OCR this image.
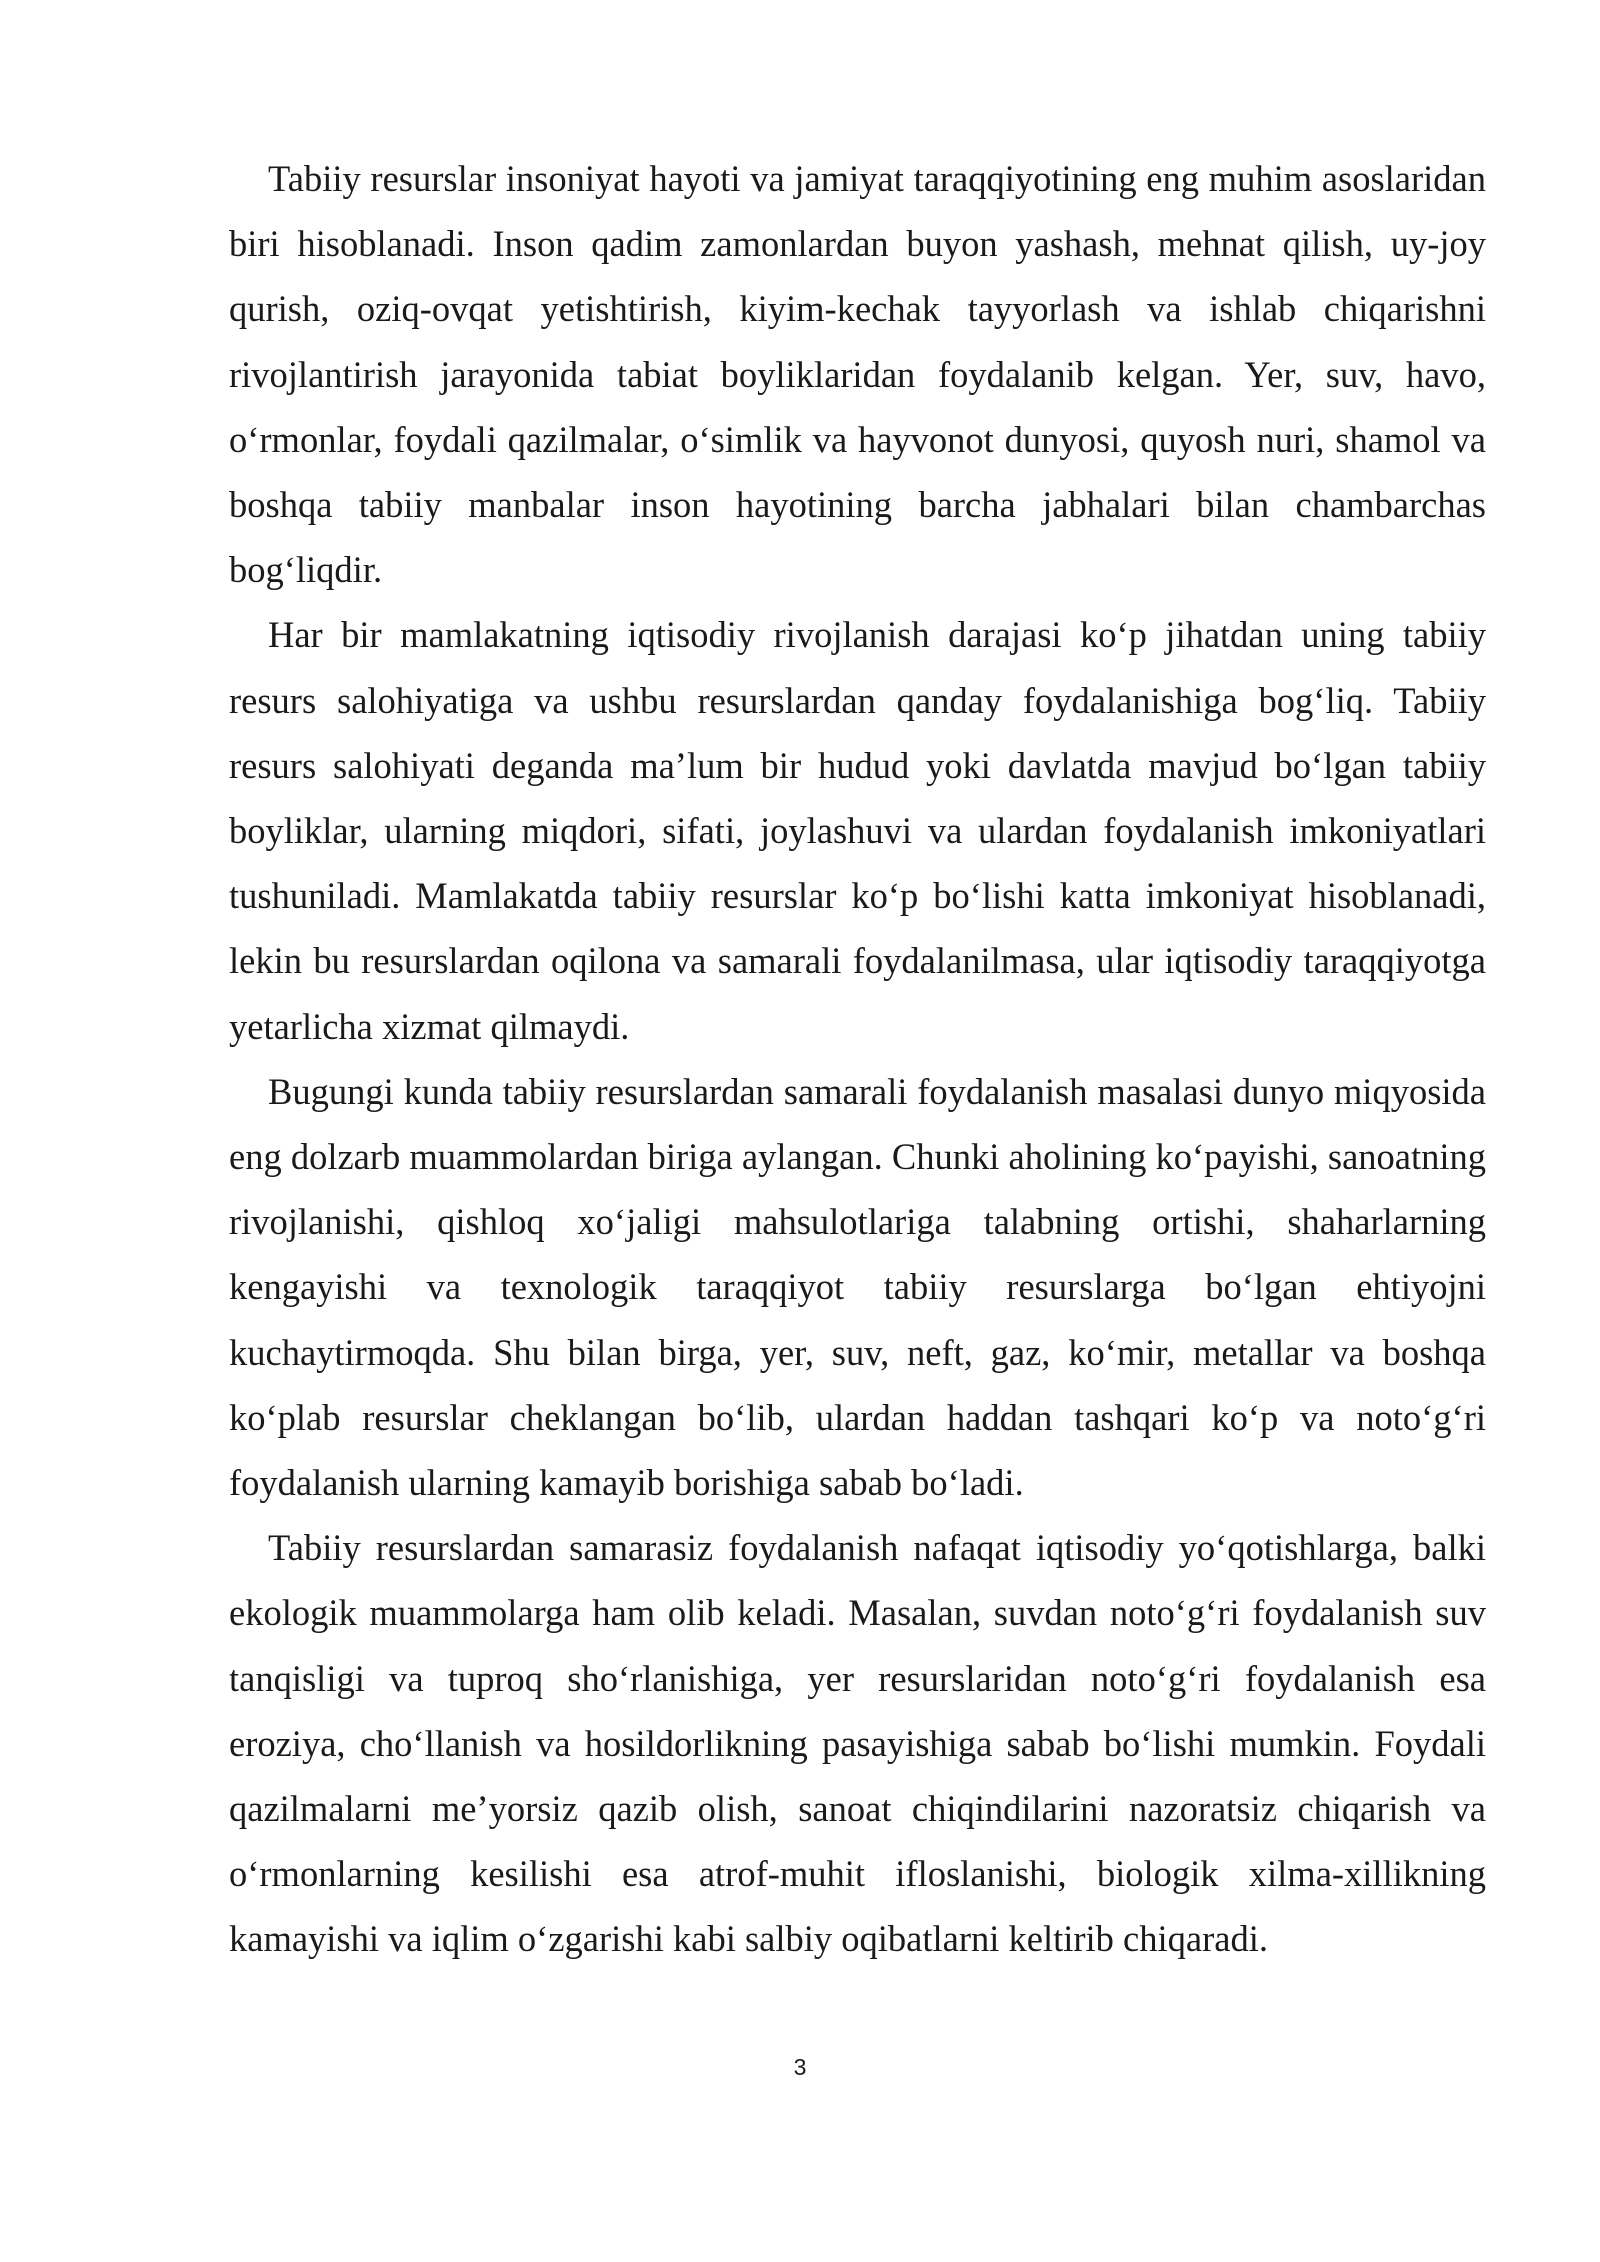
Tabiiy resurslar insoniyat hayoti va jamiyat taraqqiyotining eng muhim asoslaridan biri hisoblanadi. Inson qadim zamonlardan buyon yashash, mehnat qilish, uy-joy qurish, oziq-ovqat yetishtirish, kiyim-kechak tayyorlash va ishlab chiqarishni rivojlantirish jarayonida tabiat boyliklaridan foydalanib kelgan. Yer, suv, havo, o‘rmonlar, foydali qazilmalar, o‘simlik va hayvonot dunyosi, quyosh nuri, shamol va boshqa tabiiy manbalar inson hayotining barcha jabhalari bilan chambarchas bog‘liqdir.

Har bir mamlakatning iqtisodiy rivojlanish darajasi ko‘p jihatdan uning tabiiy resurs salohiyatiga va ushbu resurslardan qanday foydalanishiga bog‘liq. Tabiiy resurs salohiyati deganda ma’lum bir hudud yoki davlatda mavjud bo‘lgan tabiiy boyliklar, ularning miqdori, sifati, joylashuvi va ulardan foydalanish imkoniyatlari tushuniladi. Mamlakatda tabiiy resurslar ko‘p bo‘lishi katta imkoniyat hisoblanadi, lekin bu resurslardan oqilona va samarali foydalanilmasa, ular iqtisodiy taraqqiyotga yetarlicha xizmat qilmaydi.

Bugungi kunda tabiiy resurslardan samarali foydalanish masalasi dunyo miqyosida eng dolzarb muammolardan biriga aylangan. Chunki aholining ko‘payishi, sanoatning rivojlanishi, qishloq xo‘jaligi mahsulotlariga talabning ortishi, shaharlarning kengayishi va texnologik taraqqiyot tabiiy resurslarga bo‘lgan ehtiyojni kuchaytirmoqda. Shu bilan birga, yer, suv, neft, gaz, ko‘mir, metallar va boshqa ko‘plab resurslar cheklangan bo‘lib, ulardan haddan tashqari ko‘p va noto‘g‘ri foydalanish ularning kamayib borishiga sabab bo‘ladi.

Tabiiy resurslardan samarasiz foydalanish nafaqat iqtisodiy yo‘qotishlarga, balki ekologik muammolarga ham olib keladi. Masalan, suvdan noto‘g‘ri foydalanish suv tanqisligi va tuproq sho‘rlanishiga, yer resurslaridan noto‘g‘ri foydalanish esa eroziya, cho‘llanish va hosildorlikning pasayishiga sabab bo‘lishi mumkin. Foydali qazilmalarni me’yorsiz qazib olish, sanoat chiqindilarini nazoratsiz chiqarish va o‘rmonlarning kesilishi esa atrof-muhit ifloslanishi, biologik xilma-xillikning kamayishi va iqlim o‘zgarishi kabi salbiy oqibatlarni keltirib chiqaradi.

3
